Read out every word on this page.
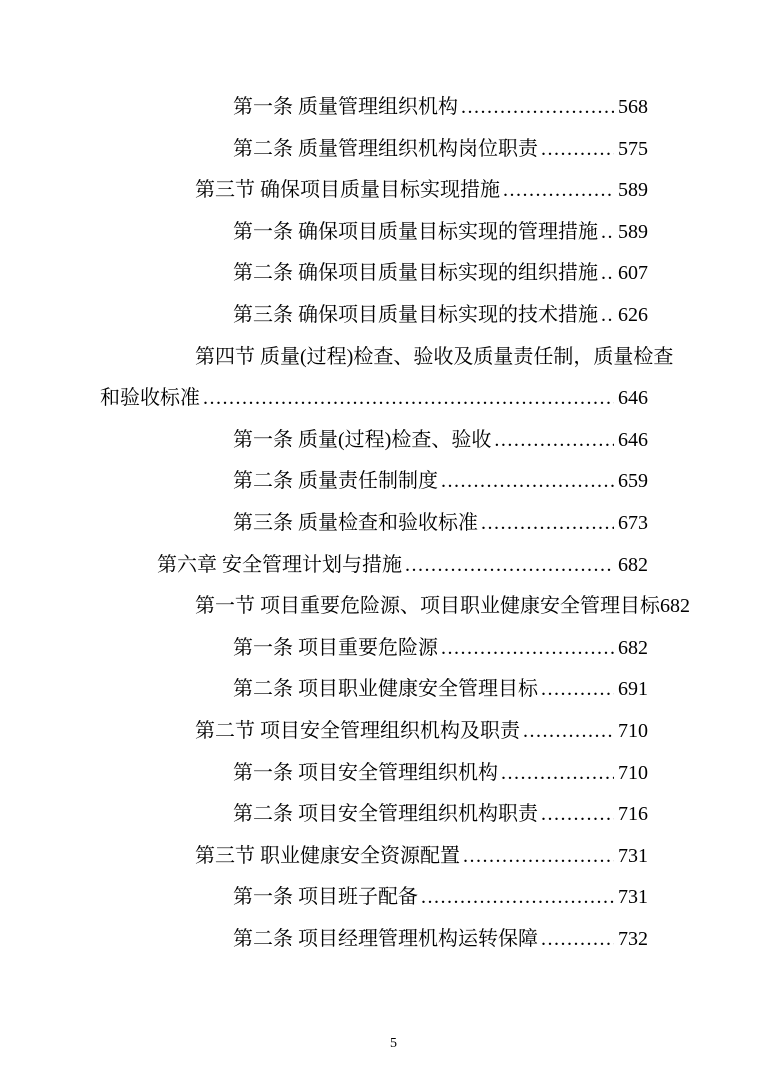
第一条 质量管理组织机构 .....	568
第二条 质量管理组织机构岗位职责 .....	575
第三节 确保项目质量目标实现措施 .....	589
第一条 确保项目质量目标实现的管理措施 ..... 589
第二条 确保项目质量目标实现的组织措施 ..... 607
第三条 确保项目质量目标实现的技术措施 ..... 626
第四节 质量(过程)检查、验收及质量责任制，质量检查
和验收标准 .....	646
第一条 质量(过程)检查、验收 .....	646
第二条 质量责任制制度 .....	659
第三条 质量检查和验收标准 .....	673
第六章 安全管理计划与措施 .....	682
第一节 项目重要危险源、项目职业健康安全管理目标 682
第一条 项目重要危险源 .....	682
第二条 项目职业健康安全管理目标 .....	691
第二节 项目安全管理组织机构及职责 .....	710
第一条 项目安全管理组织机构 .....	710
第二条 项目安全管理组织机构职责 .....	716
第三节 职业健康安全资源配置 .....	731
第一条 项目班子配备 .....	731
第二条 项目经理管理机构运转保障 .....	732
5
